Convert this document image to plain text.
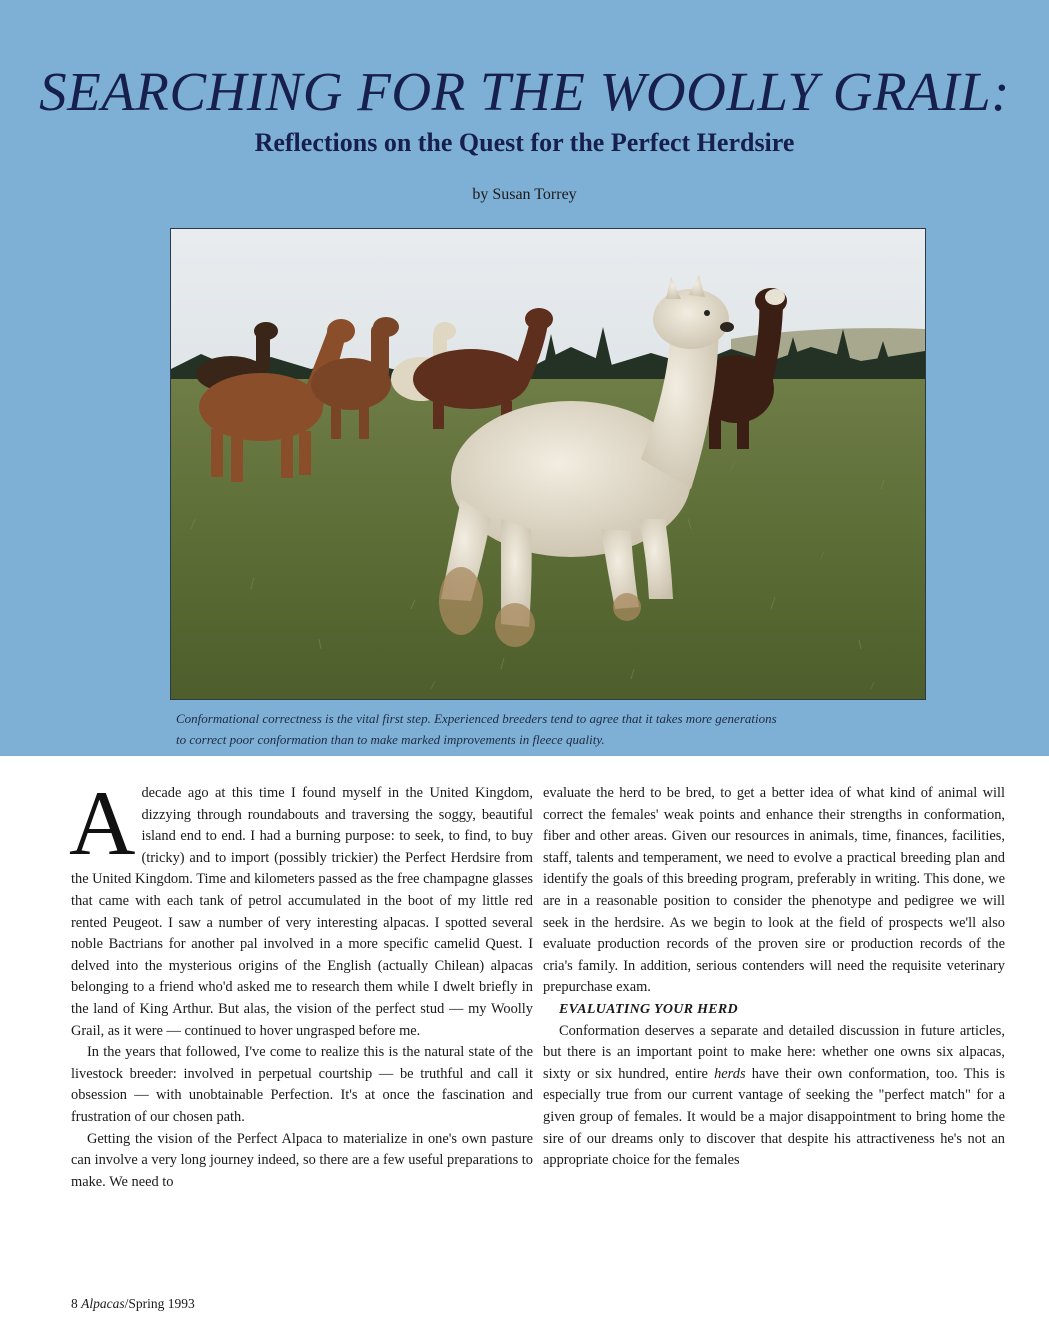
SEARCHING FOR THE WOOLLY GRAIL:
Reflections on the Quest for the Perfect Herdsire
by Susan Torrey
Conformational correctness is the vital first step. Experienced breeders tend to agree that it takes more generations
to correct poor conformation than to make marked improvements in fleece quality.

Adecade ago at this time I found myself in the United Kingdom, dizzying through roundabouts and traversing the soggy, beautiful island end to end. I had a burning purpose: to seek, to find, to buy (tricky) and to import (possibly trickier) the Perfect Herdsire from the United Kingdom. Time and kilometers passed as the free champagne glasses that came with each tank of petrol accumulated in the boot of my little red rented Peugeot. I saw a number of very interesting alpacas. I spotted several noble Bactrians for another pal involved in a more specific camelid Quest. I delved into the mysterious origins of the English (actually Chilean) alpacas belonging to a friend who'd asked me to research them while I dwelt briefly in the land of King Arthur. But alas, the vision of the perfect stud — my Woolly Grail, as it were — continued to hover ungrasped before me.

In the years that followed, I've come to realize this is the natural state of the livestock breeder: involved in perpetual courtship — be truthful and call it obsession — with unobtainable Perfection. It's at once the fascination and frustration of our chosen path.

Getting the vision of the Perfect Alpaca to materialize in one's own pasture can involve a very long journey indeed, so there are a few useful preparations to make. We need to

evaluate the herd to be bred, to get a better idea of what kind of animal will correct the females' weak points and enhance their strengths in conformation, fiber and other areas. Given our resources in animals, time, finances, facilities, staff, talents and temperament, we need to evolve a practical breeding plan and identify the goals of this breeding program, preferably in writing. This done, we are in a reasonable position to consider the phenotype and pedigree we will seek in the herdsire. As we begin to look at the field of prospects we'll also evaluate production records of the proven sire or production records of the cria's family. In addition, serious contenders will need the requisite veterinary prepurchase exam.

EVALUATING YOUR HERD

Conformation deserves a separate and detailed discussion in future articles, but there is an important point to make here: whether one owns six alpacas, sixty or six hundred, entire herds have their own conformation, too. This is especially true from our current vantage of seeking the "perfect match" for a given group of females. It would be a major disappointment to bring home the sire of our dreams only to discover that despite his attractiveness he's not an appropriate choice for the females

8 Alpacas/Spring 1993
